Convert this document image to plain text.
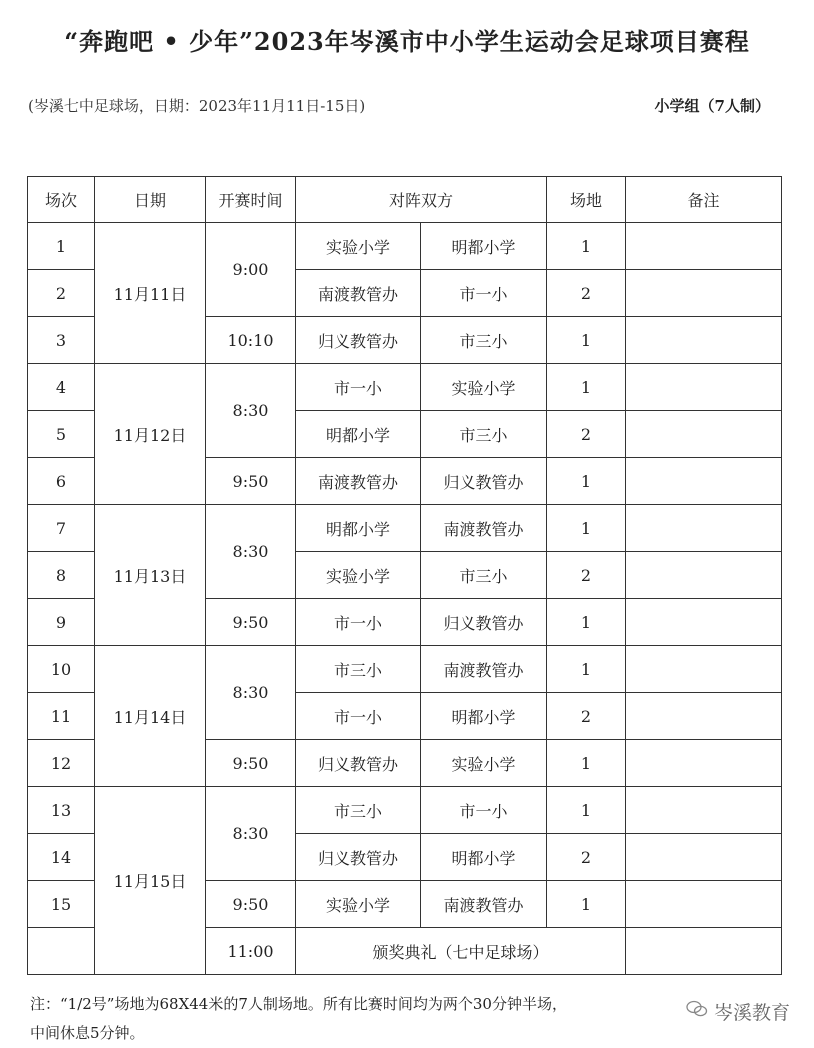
“奔跑吧 • 少年”2023年岑溪市中小学生运动会足球项目赛程
(岑溪七中足球场，日期：2023年11月11日-15日)	小学组（7人制）
场次	日期	开赛时间	对阵双方		场地	备注
1	11月11日	9:00	实验小学	明都小学	1	
2			南渡教管办	市一小	2	
3		10:10	归义教管办	市三小	1	
4	11月12日	8:30	市一小	实验小学	1	
5			明都小学	市三小	2	
6		9:50	南渡教管办	归义教管办	1	
7	11月13日	8:30	明都小学	南渡教管办	1	
8			实验小学	市三小	2	
9		9:50	市一小	归义教管办	1	
10	11月14日	8:30	市三小	南渡教管办	1	
11			市一小	明都小学	2	
12		9:50	归义教管办	实验小学	1	
13	11月15日	8:30	市三小	市一小	1	
14			归义教管办	明都小学	2	
15		9:50	实验小学	南渡教管办	1	
		11:00	颁奖典礼（七中足球场）			
注：“1/2号”场地为68X44米的7人制场地。所有比赛时间均为两个30分钟半场，
中间休息5分钟。
岑溪教育
